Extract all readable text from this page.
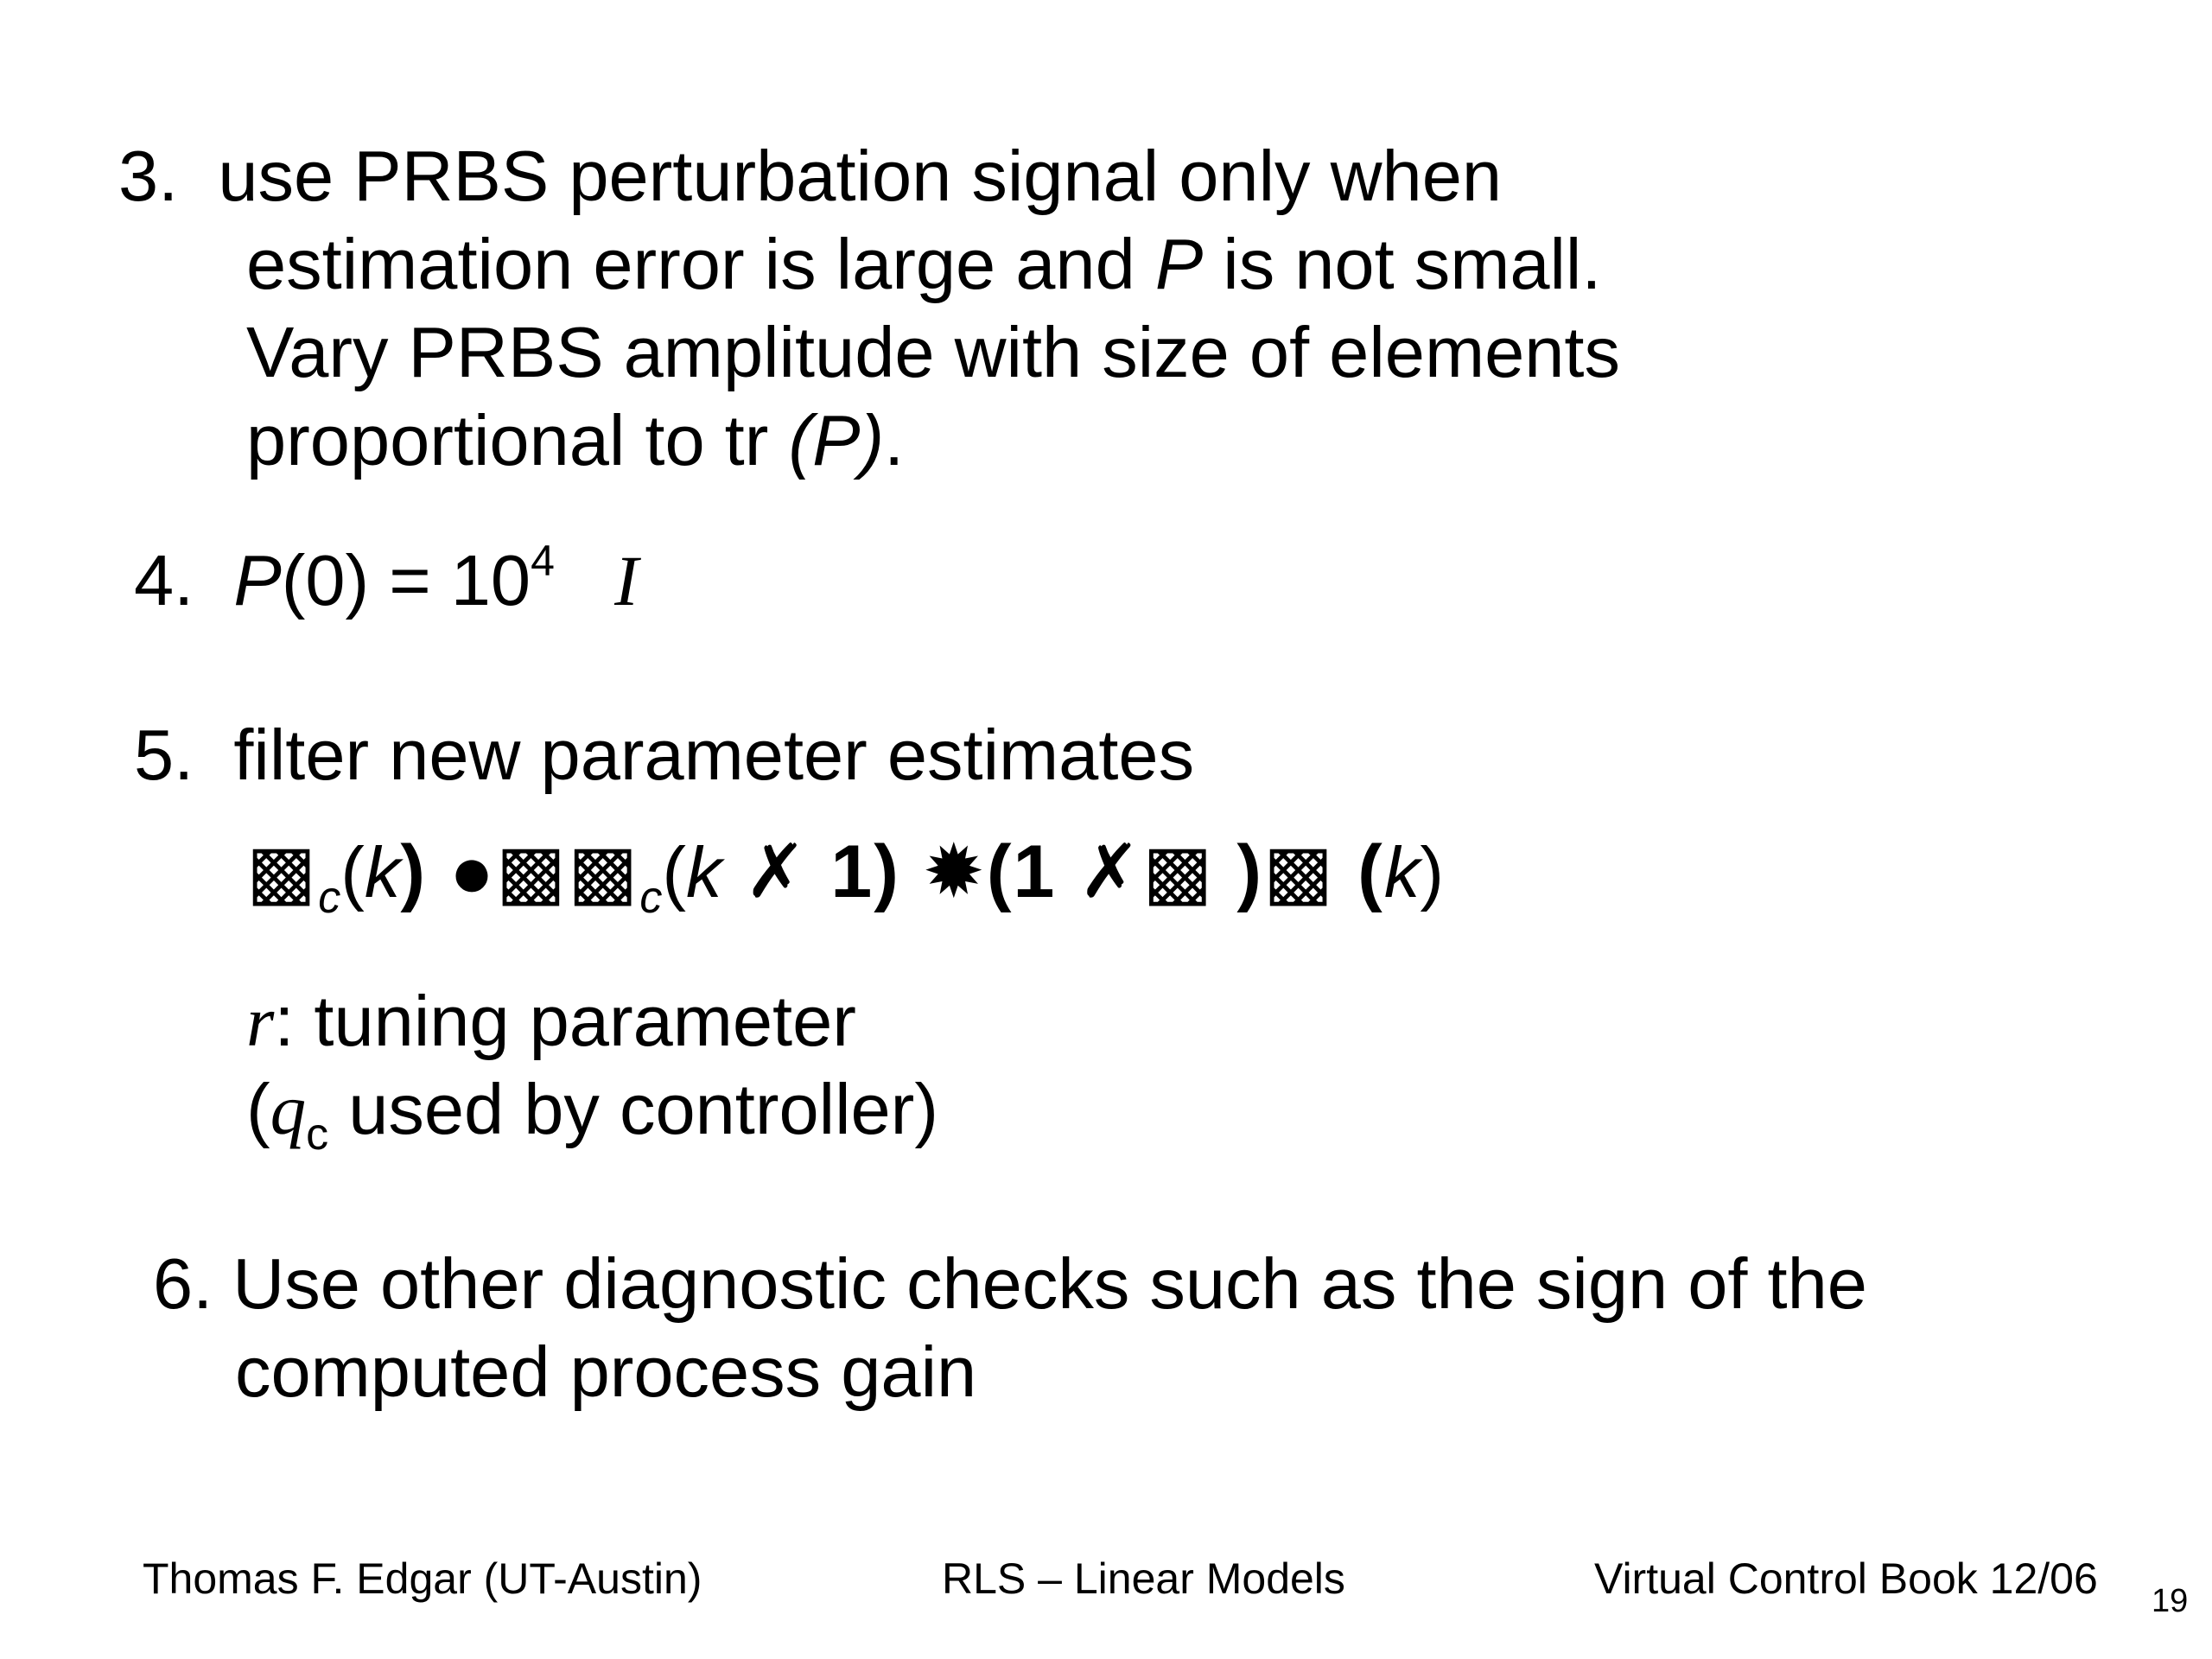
3. use PRBS perturbation signal only when
estimation error is large and P is not small.
Vary PRBS amplitude with size of elements
proportional to tr (P).
4. $P(0) = 10^4$ I
5. filter new parameter estimates
$▩_c(k)$ $●▩▩_c(k$ ✗ 1) ✹(1 ✗▩ )▩ (k)
r: tuning parameter
($q_c$ used by controller)
6. Use other diagnostic checks such as the sign of the
computed process gain
Thomas F. Edgar (UT-Austin)	RLS – Linear Models	Virtual Control Book 12/06 19
